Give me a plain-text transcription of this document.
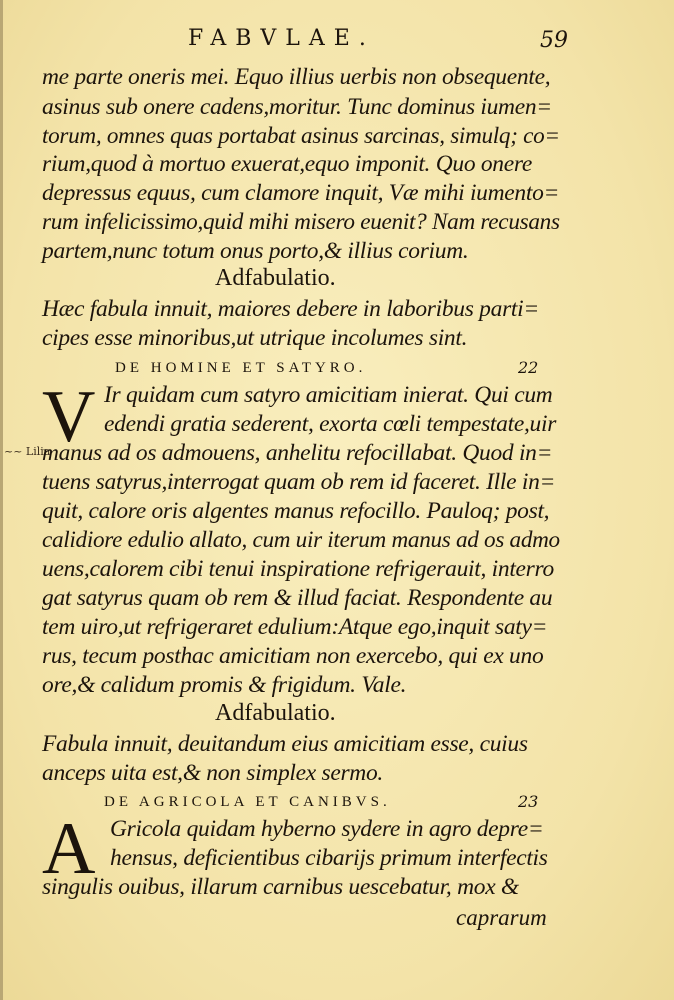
FABVLAE.	59
me parte oneris mei. Equo illius uerbis non obsequente,
asinus sub onere cadens,moritur. Tunc dominus iumen=
torum, omnes quas portabat asinus sarcinas, simulq; co=
rium,quod à mortuo exuerat,equo imponit. Quo onere
depressus equus, cum clamore inquit, Væ mihi iumento=
rum infelicissimo,quid mihi misero euenit? Nam recusans
partem,nunc totum onus porto,& illius corium.
Adfabulatio.
Hæc fabula innuit, maiores debere in laboribus parti=
cipes esse minoribus,ut utrique incolumes sint.
DE HOMINE ET SATYRO.	22
V Ir quidam cum satyro amicitiam inierat. Qui cum
edendi gratia sederent, exorta cœli tempestate,uir
~~ Lilia
manus ad os admouens, anhelitu refocillabat. Quod in=
tuens satyrus,interrogat quam ob rem id faceret. Ille in=
quit, calore oris algentes manus refocillo. Pauloq; post,
calidiore edulio allato, cum uir iterum manus ad os admo
uens,calorem cibi tenui inspiratione refrigerauit, interro
gat satyrus quam ob rem & illud faciat. Respondente au
tem uiro,ut refrigeraret edulium:Atque ego,inquit saty=
rus, tecum posthac amicitiam non exercebo, qui ex uno
ore,& calidum promis & frigidum. Vale.
Adfabulatio.
Fabula innuit, deuitandum eius amicitiam esse, cuius
anceps uita est,& non simplex sermo.
DE AGRICOLA ET CANIBVS.	23
A Gricola quidam hyberno sydere in agro depre=
hensus, deficientibus cibarijs primum interfectis
singulis ouibus, illarum carnibus uescebatur, mox &
caprarum
